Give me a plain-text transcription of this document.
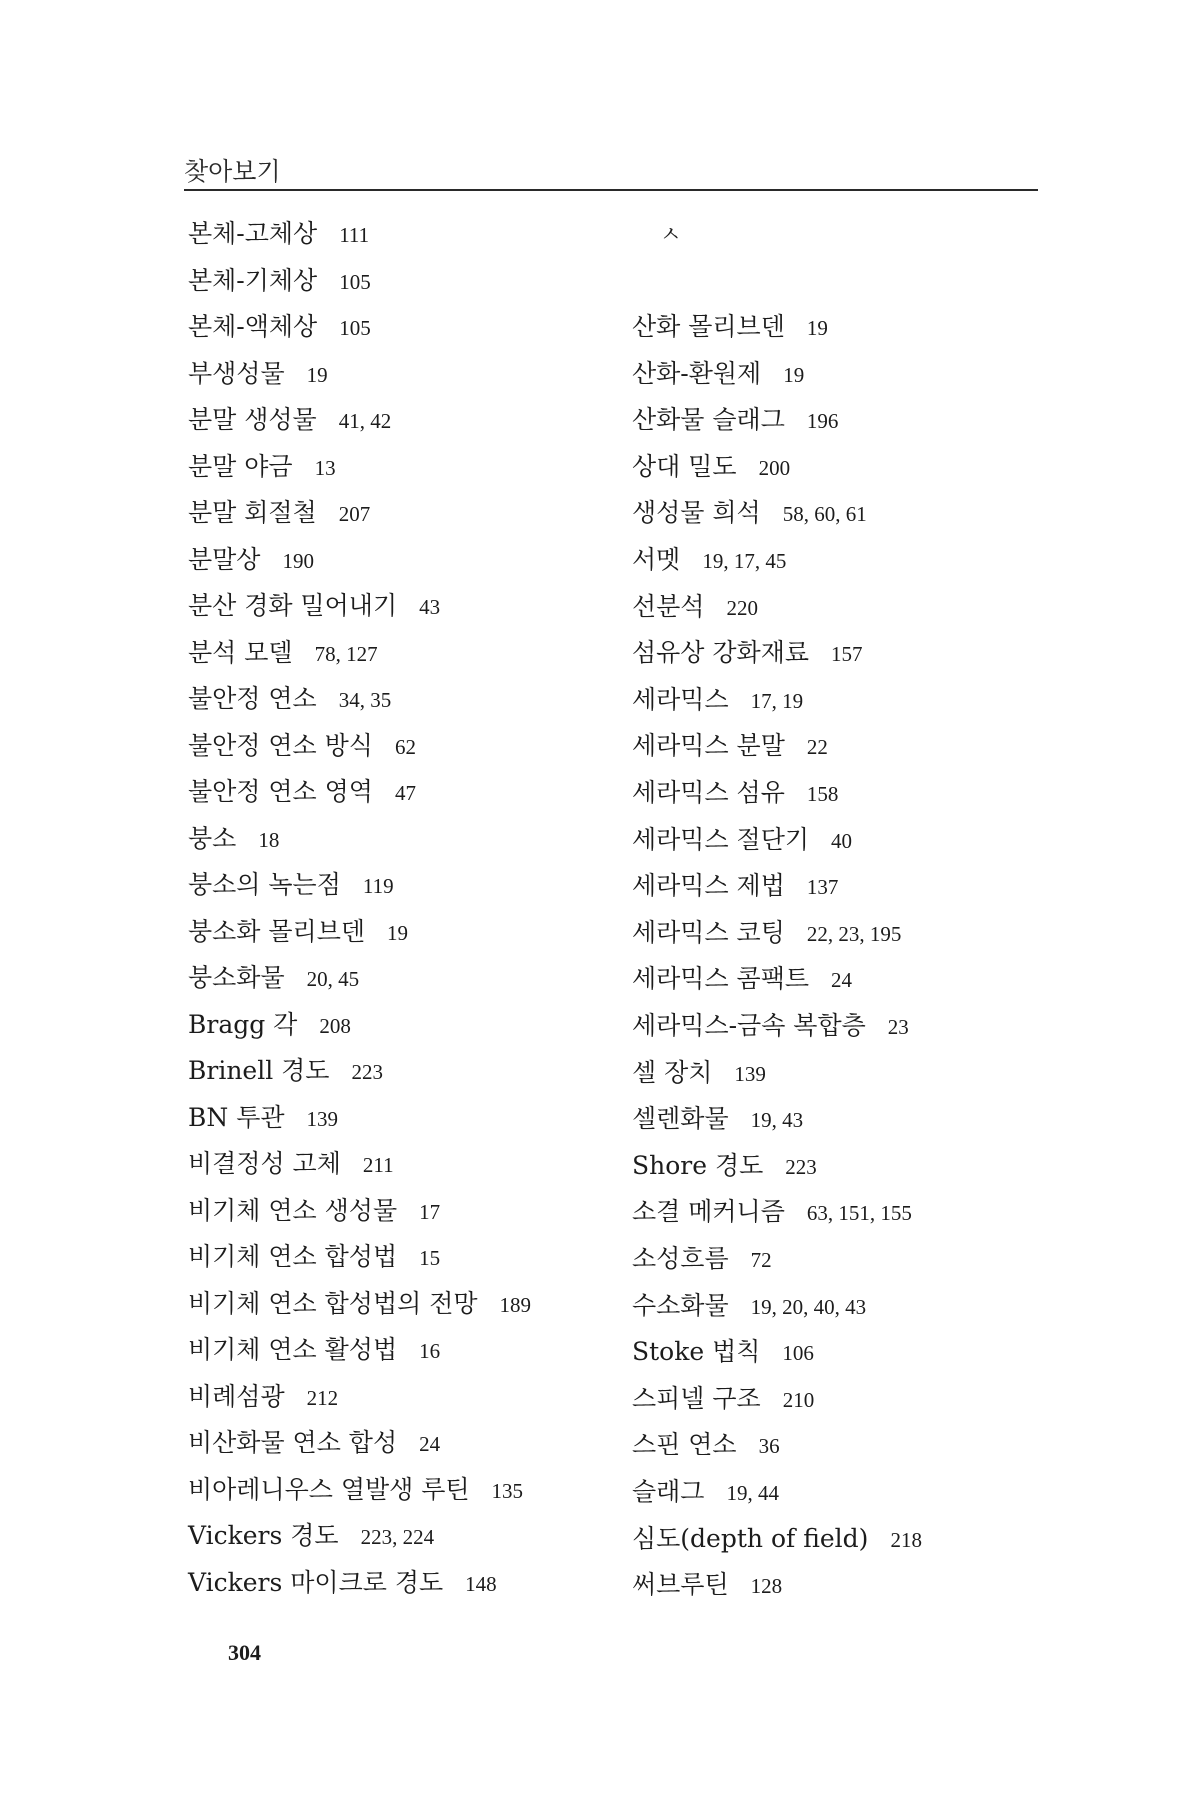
찾아보기
본체-고체상 111
본체-기체상 105
본체-액체상 105
부생성물 19
분말 생성물 41, 42
분말 야금 13
분말 회절철 207
분말상 190
분산 경화 밀어내기 43
분석 모델 78, 127
불안정 연소 34, 35
불안정 연소 방식 62
불안정 연소 영역 47
붕소 18
붕소의 녹는점 119
붕소화 몰리브덴 19
붕소화물 20, 45
Bragg 각 208
Brinell 경도 223
BN 투관 139
비결정성 고체 211
비기체 연소 생성물 17
비기체 연소 합성법 15
비기체 연소 합성법의 전망 189
비기체 연소 활성법 16
비례섬광 212
비산화물 연소 합성 24
비아레니우스 열발생 루틴 135
Vickers 경도 223, 224
Vickers 마이크로 경도 148
ㅅ
산화 몰리브덴 19
산화-환원제 19
산화물 슬래그 196
상대 밀도 200
생성물 희석 58, 60, 61
서멧 19, 17, 45
선분석 220
섬유상 강화재료 157
세라믹스 17, 19
세라믹스 분말 22
세라믹스 섬유 158
세라믹스 절단기 40
세라믹스 제법 137
세라믹스 코팅 22, 23, 195
세라믹스 콤팩트 24
세라믹스-금속 복합층 23
셀 장치 139
셀렌화물 19, 43
Shore 경도 223
소결 메커니즘 63, 151, 155
소성흐름 72
수소화물 19, 20, 40, 43
Stoke 법칙 106
스피넬 구조 210
스핀 연소 36
슬래그 19, 44
심도(depth of field) 218
써브루틴 128
304
